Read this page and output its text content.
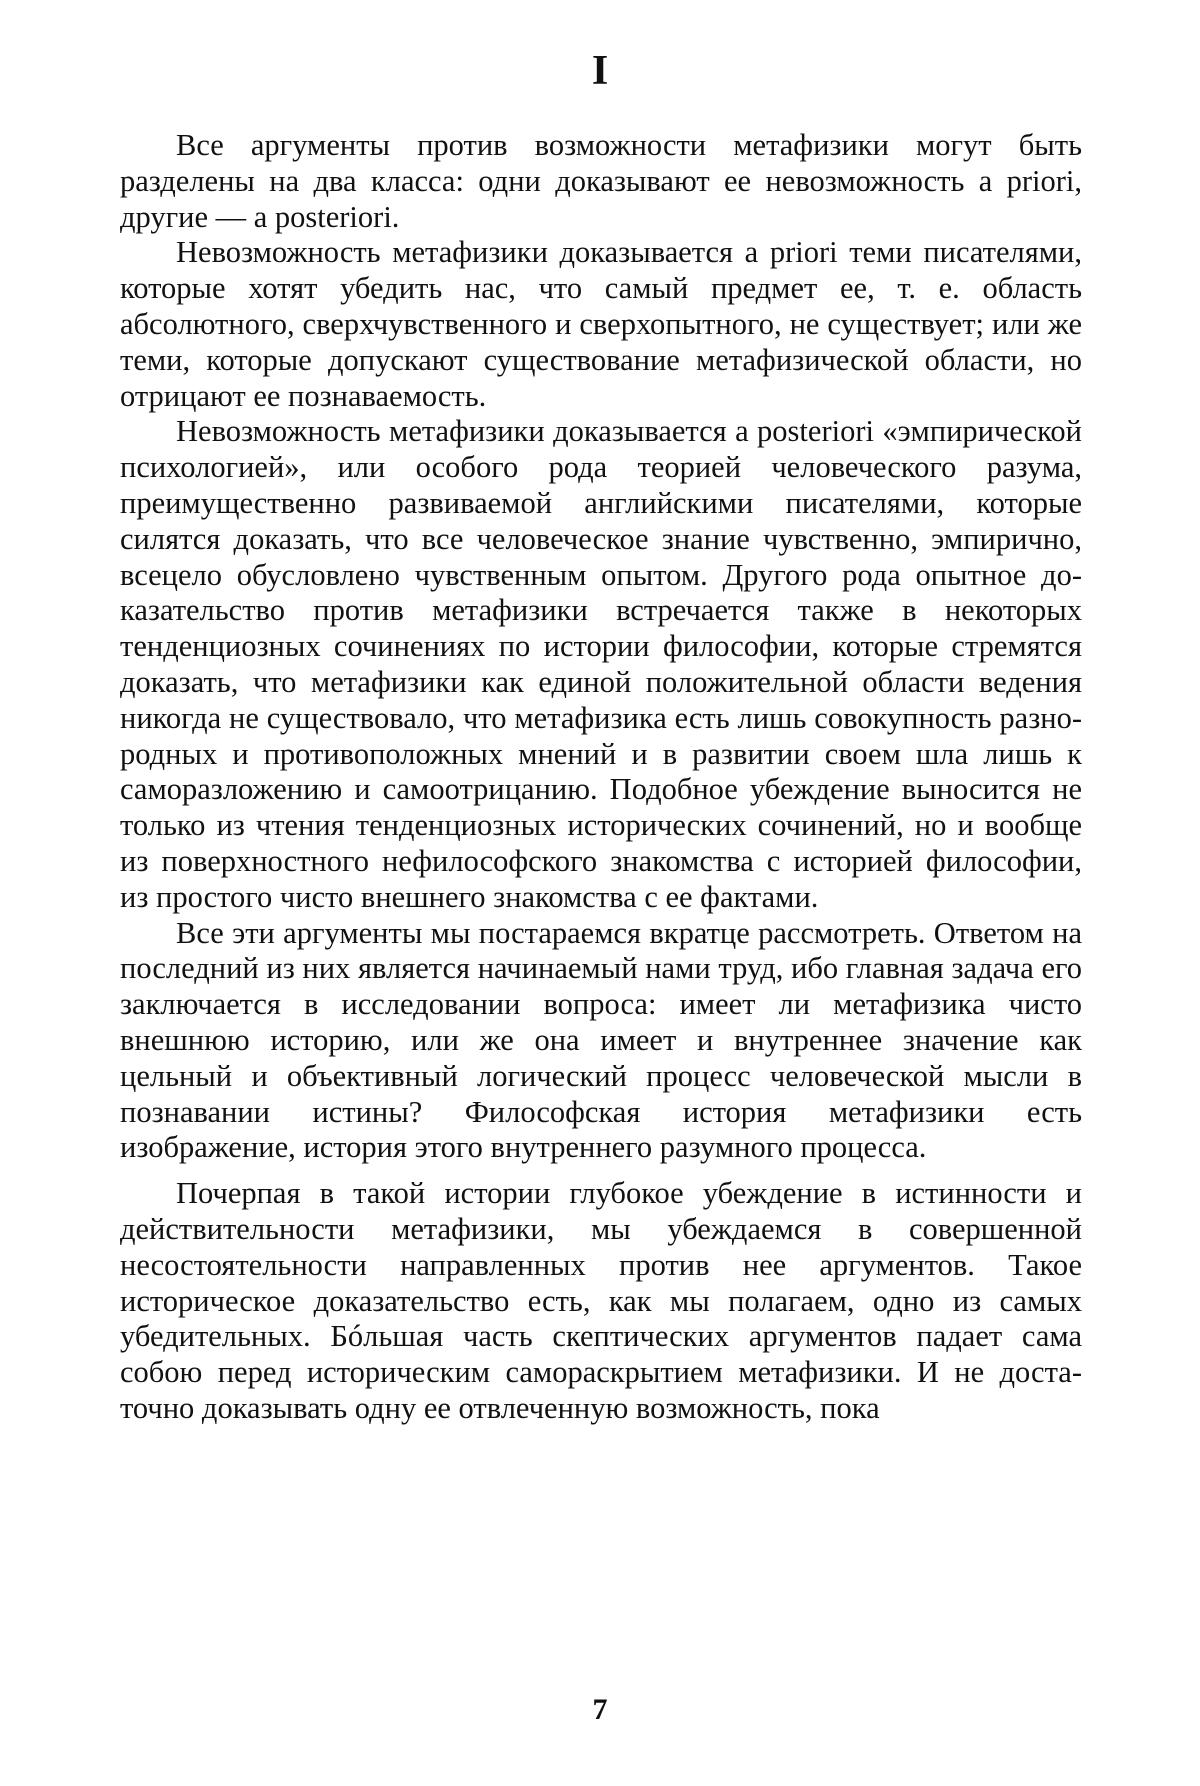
I

Все аргументы против возможности метафизики могут быть разделены на два класса: одни доказывают ее невозможность a priori, другие — a posteriori.

Невозможность метафизики доказывается a priori теми писателями, которые хотят убедить нас, что самый предмет ее, т. е. область абсолютного, сверхчувственного и сверхопытного, не существует; или же теми, которые допускают существование метафизической области, но отрицают ее познаваемость.

Невозможность метафизики доказывается a posteriori «эмпирической психологией», или особого рода теорией человеческого разума, преимущественно развиваемой английскими писателями, которые силятся доказать, что все человеческое знание чувственно, эмпирично, всецело обусловлено чувственным опытом. Другого рода опытное доказательство против метафизики встречается также в некоторых тенденциозных сочинениях по истории философии, которые стремятся доказать, что метафизики как единой положительной области ведения никогда не существовало, что метафизика есть лишь совокупность разнородных и противоположных мнений и в развитии своем шла лишь к саморазложению и самоотрицанию. Подобное убеждение выносится не только из чтения тенденциозных исторических сочинений, но и вообще из поверхностного нефилософского знакомства с историей философии, из простого чисто внешнего знакомства с ее фактами.

Все эти аргументы мы постараемся вкратце рассмотреть. Ответом на последний из них является начинаемый нами труд, ибо главная задача его заключается в исследовании вопроса: имеет ли метафизика чисто внешнюю историю, или же она имеет и внутреннее значение как цельный и объективный логический процесс человеческой мысли в познавании истины? Философская история метафизики есть изображение, история этого внутреннего разумного процесса.

Почерпая в такой истории глубокое убеждение в истинности и действительности метафизики, мы убеждаемся в совершенной несостоятельности направленных против нее аргументов. Такое историческое доказательство есть, как мы полагаем, одно из самых убедительных. Бóльшая часть скептических аргументов падает сама собою перед историческим самораскрытием метафизики. И не достаточно доказывать одну ее отвлеченную возможность, пока

7
